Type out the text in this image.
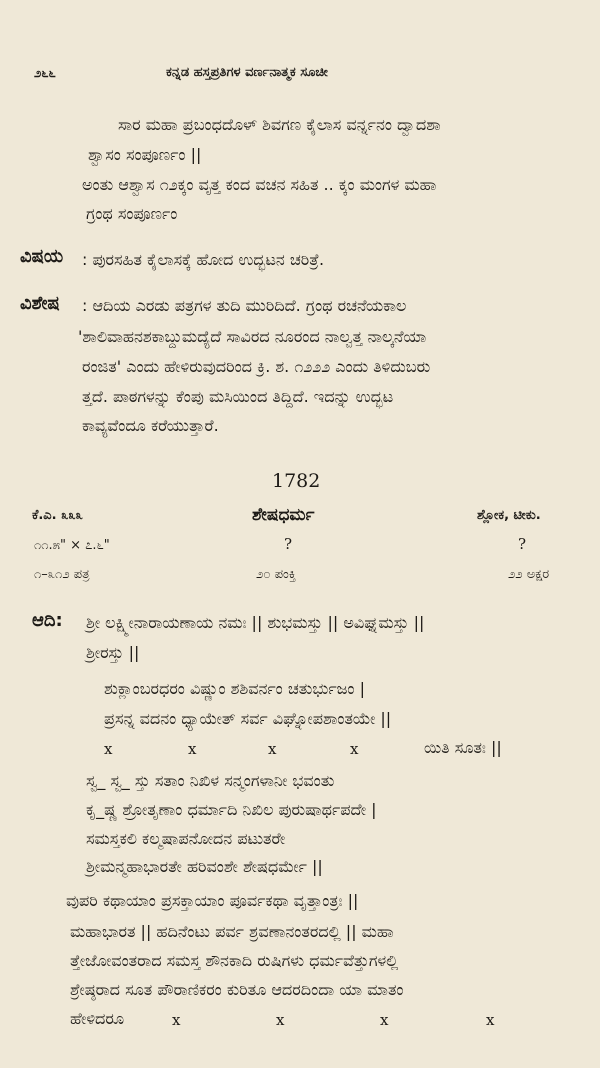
೨೬೬	ಕನ್ನಡ ಹಸ್ತಪ್ರತಿಗಳ ವರ್ಣನಾತ್ಮಕ ಸೂಚೀ
ಸಾರ ಮಹಾ ಪ್ರಬಂಧದೊಳ್ ಶಿವಗಣ ಕೈಲಾಸ ವರ್ನ್ನನಂ ದ್ವಾದಶಾ
ಶ್ವಾಸಂ ಸಂಪೂರ್ಣಂ ||
ಅಂತು ಆಶ್ವಾಸ ೧೨ಕ್ಕಂ ವೃತ್ತ ಕಂದ ವಚನ ಸಹಿತ .. ಕ್ಕಂ ಮಂಗಳ ಮಹಾ
ಗ್ರಂಥ ಸಂಪೂರ್ಣಂ
ವಿಷಯ : ಪುರಸಹಿತ ಕೈಲಾಸಕ್ಕೆ ಹೋದ ಉದ್ಭಟನ ಚರಿತ್ರೆ.
ವಿಶೇಷ : ಆದಿಯ ಎರಡು ಪತ್ರಗಳ ತುದಿ ಮುರಿದಿದೆ. ಗ್ರಂಥ ರಚನೆಯಕಾಲ
'ಶಾಲಿವಾಹನಶಕಾಬ್ದುಮದ್ಯೆದೆ ಸಾವಿರದ ನೂರಂದ ನಾಲ್ವತ್ತ ನಾಲ್ಕನೆಯಾ
ರಂಜಿತ' ಎಂದು ಹೇಳಿರುವುದರಿಂದ ಕ್ರಿ. ಶ. ೧೨೨೨ ಎಂದು ತಿಳಿದುಬರು
ತ್ತದೆ. ಪಾಠಗಳನ್ನು ಕೆಂಪು ಮಸಿಯಿಂದ ತಿದ್ದಿದೆ. ಇದನ್ನು ಉದ್ಭಟ
ಕಾವ್ಯವೆಂದೂ ಕರೆಯುತ್ತಾರೆ.
1782
ಕೆ.ಎ. ೩೩೩	ಶೇಷಧರ್ಮ	ಶ್ಲೋಕ, ಟೀಕು.
೧೧.೫" × ೭.೬"	?	?
೧–೩೧೨ ಪತ್ರ	೨೦ ಪಂಕ್ತಿ	೨೨ ಅಕ್ಷರ
ಆದಿ: ಶ್ರೀ ಲಕ್ಷ್ಮೀನಾರಾಯಣಾಯ ನಮಃ || ಶುಭಮಸ್ತು || ಅವಿಘ್ನಮಸ್ತು ||
ಶ್ರೀರಸ್ತು ||
ಶುಕ್ಲಾಂಬರಧರಂ ವಿಷ್ಣುಂ ಶಶಿವರ್ನಂ ಚತುರ್ಭುಜಂ |
ಪ್ರಸನ್ನ ವದನಂ ಧ್ಯಾಯೇತ್ ಸರ್ವ ವಿಘ್ನೋಪಶಾಂತಯೇ ||
x	x	x	x	ಯಿತಿ ಸೂತಃ ||
ಸ್ವ_ ಸ್ವ_ ಸ್ತು ಸತಾಂ ನಿಖಿಳ ಸನ್ಮಂಗಳಾನೀ ಭವಂತು
ಕೃ_ಷ್ಣ ಶ್ರೋತೃಣಾಂ ಧರ್ಮಾದಿ ನಿಖಿಲ ಪುರುಷಾರ್ಥಪದೇ |
ಸಮಸ್ತಕಲಿ ಕಲ್ಮಷಾಪನೋದನ ಪಟುತರೇ
ಶ್ರೀಮನ್ಮಹಾಭಾರತೇ ಹರಿವಂಶೇ ಶೇಷಧರ್ಮೇ ||
ವುಪರಿ ಕಥಾಯಾಂ ಪ್ರಸಕ್ತಾಯಾಂ ಪೂರ್ವಕಥಾ ವೃತ್ತಾಂತ್ರಃ ||
ಮಹಾಭಾರತ || ಹದಿನೆಂಟು ಪರ್ವ ಶ್ರವಣಾನಂತರದಲ್ಲಿ || ಮಹಾ
ತ್ತೇಜೋವಂತರಾದ ಸಮಸ್ತ ಶೌನಕಾದಿ ರುಷಿಗಳು ಧರ್ಮವೆತ್ತುಗಳಲ್ಲಿ
ಶ್ರೇಷ್ಠರಾದ ಸೂತ ಪೌರಾಣಿಕರಂ ಕುರಿತೂ ಆದರದಿಂದಾ ಯಾ ಮಾತಂ
ಹೇಳಿದರೂ	x	x	x	x
